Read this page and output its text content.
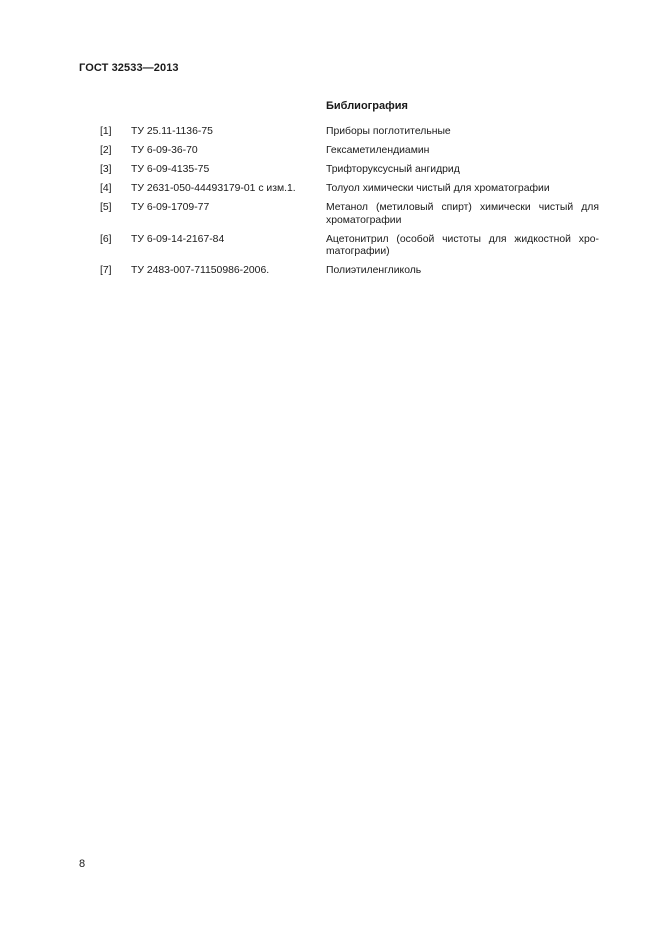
ГОСТ 32533—2013
Библиография
[1] ТУ 25.11-1136-75	Приборы поглотительные
[2] ТУ 6-09-36-70	Гексаметилендиамин
[3] ТУ 6-09-4135-75	Трифторуксусный ангидрид
[4] ТУ 2631-050-44493179-01 с изм.1.	Толуол химически чистый для хроматографии
[5] ТУ 6-09-1709-77	Метанол (метиловый спирт) химически чистый для хроматографии
[6] ТУ 6-09-14-2167-84	Ацетонитрил (особой чистоты для жидкостной хроmатографии)
[7] ТУ 2483-007-71150986-2006.	Полиэтиленгликоль
8
